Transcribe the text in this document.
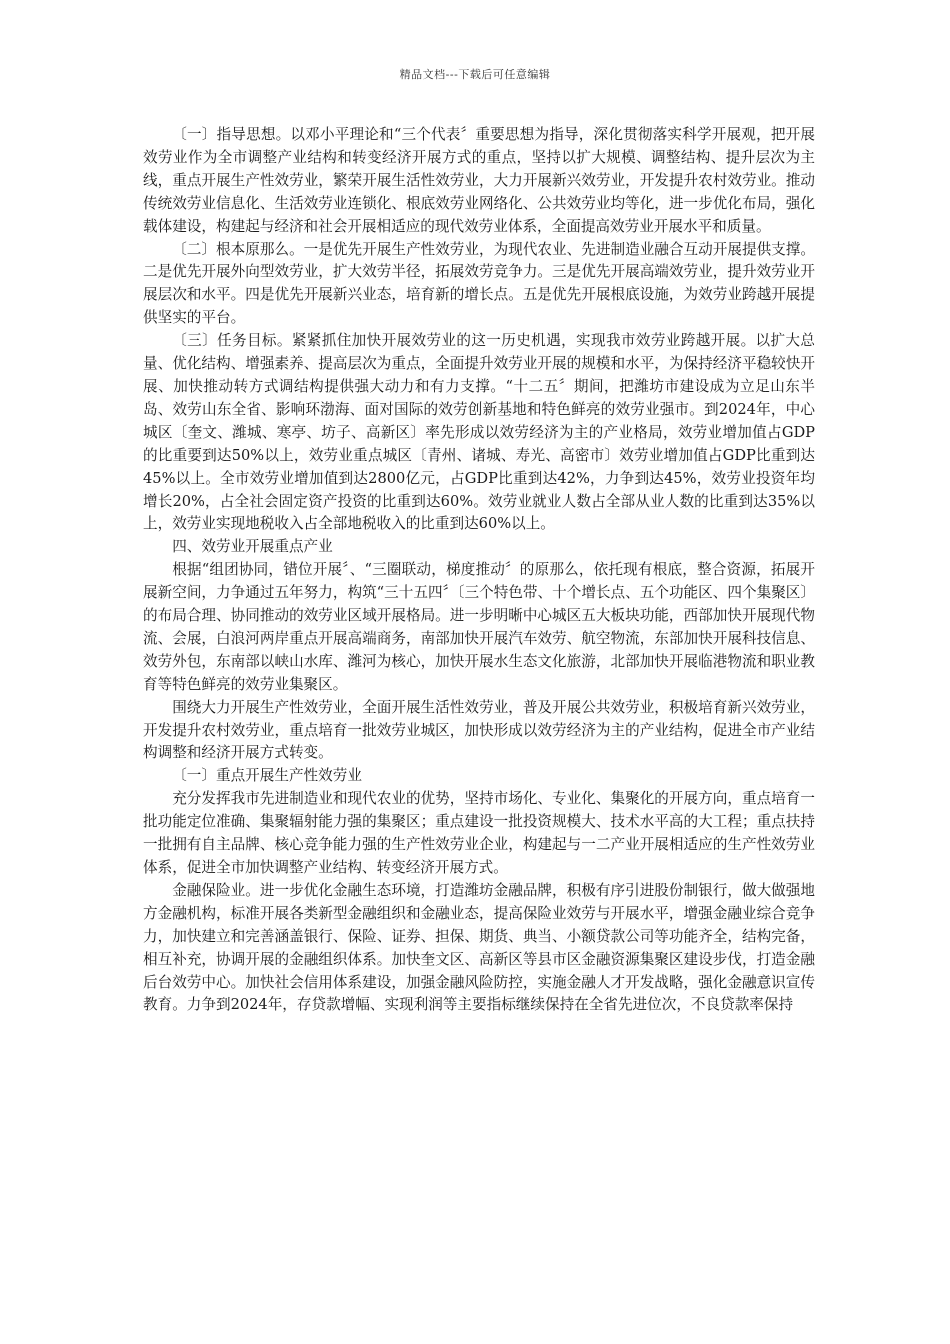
精品文档---下载后可任意编辑

〔一〕指导思想。以邓小平理论和“三个代表〞重要思想为指导，深化贯彻落实科学开展观，把开展效劳业作为全市调整产业结构和转变经济开展方式的重点，坚持以扩大规模、调整结构、提升层次为主线，重点开展生产性效劳业，繁荣开展生活性效劳业，大力开展新兴效劳业，开发提升农村效劳业。推动传统效劳业信息化、生活效劳业连锁化、根底效劳业网络化、公共效劳业均等化，进一步优化布局，强化载体建设，构建起与经济和社会开展相适应的现代效劳业体系，全面提高效劳业开展水平和质量。

〔二〕根本原那么。一是优先开展生产性效劳业，为现代农业、先进制造业融合互动开展提供支撑。二是优先开展外向型效劳业，扩大效劳半径，拓展效劳竞争力。三是优先开展高端效劳业，提升效劳业开展层次和水平。四是优先开展新兴业态，培育新的增长点。五是优先开展根底设施，为效劳业跨越开展提供坚实的平台。

〔三〕任务目标。紧紧抓住加快开展效劳业的这一历史机遇，实现我市效劳业跨越开展。以扩大总量、优化结构、增强素养、提高层次为重点，全面提升效劳业开展的规模和水平，为保持经济平稳较快开展、加快推动转方式调结构提供强大动力和有力支撑。“十二五〞期间，把潍坊市建设成为立足山东半岛、效劳山东全省、影响环渤海、面对国际的效劳创新基地和特色鲜亮的效劳业强市。到2024年，中心城区〔奎文、潍城、寒亭、坊子、高新区〕率先形成以效劳经济为主的产业格局，效劳业增加值占GDP的比重要到达50%以上，效劳业重点城区〔青州、诸城、寿光、高密市〕效劳业增加值占GDP比重到达45%以上。全市效劳业增加值到达2800亿元，占GDP比重到达42%，力争到达45%，效劳业投资年均增长20%，占全社会固定资产投资的比重到达60%。效劳业就业人数占全部从业人数的比重到达35%以上，效劳业实现地税收入占全部地税收入的比重到达60%以上。

四、效劳业开展重点产业

根据“组团协同，错位开展〞、“三圈联动，梯度推动〞的原那么，依托现有根底，整合资源，拓展开展新空间，力争通过五年努力，构筑“三十五四〞〔三个特色带、十个增长点、五个功能区、四个集聚区〕的布局合理、协同推动的效劳业区域开展格局。进一步明晰中心城区五大板块功能，西部加快开展现代物流、会展，白浪河两岸重点开展高端商务，南部加快开展汽车效劳、航空物流，东部加快开展科技信息、效劳外包，东南部以峡山水库、潍河为核心，加快开展水生态文化旅游，北部加快开展临港物流和职业教育等特色鲜亮的效劳业集聚区。

围绕大力开展生产性效劳业，全面开展生活性效劳业，普及开展公共效劳业，积极培育新兴效劳业，开发提升农村效劳业，重点培育一批效劳业城区，加快形成以效劳经济为主的产业结构，促进全市产业结构调整和经济开展方式转变。

〔一〕重点开展生产性效劳业

充分发挥我市先进制造业和现代农业的优势，坚持市场化、专业化、集聚化的开展方向，重点培育一批功能定位准确、集聚辐射能力强的集聚区；重点建设一批投资规模大、技术水平高的大工程；重点扶持一批拥有自主品牌、核心竞争能力强的生产性效劳业企业，构建起与一二产业开展相适应的生产性效劳业体系，促进全市加快调整产业结构、转变经济开展方式。

金融保险业。进一步优化金融生态环境，打造潍坊金融品牌，积极有序引进股份制银行，做大做强地方金融机构，标准开展各类新型金融组织和金融业态，提高保险业效劳与开展水平，增强金融业综合竞争力，加快建立和完善涵盖银行、保险、证券、担保、期货、典当、小额贷款公司等功能齐全，结构完备，相互补充，协调开展的金融组织体系。加快奎文区、高新区等县市区金融资源集聚区建设步伐，打造金融后台效劳中心。加快社会信用体系建设，加强金融风险防控，实施金融人才开发战略，强化金融意识宣传教育。力争到2024年，存贷款增幅、实现利润等主要指标继续保持在全省先进位次，不良贷款率保持
